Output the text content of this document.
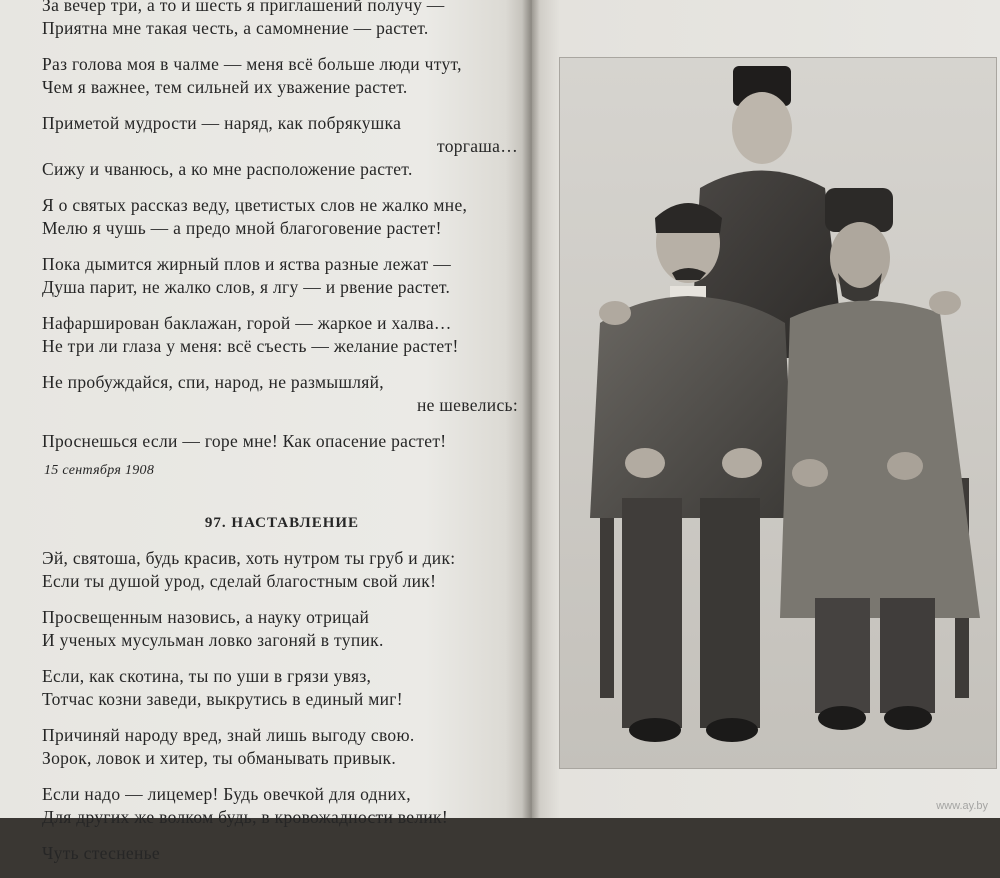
За вечер три, а то и шесть я приглашений получу —
Приятна мне такая честь, а самомнение — растет.
Раз голова моя в чалме — меня всё больше люди чтут,
Чем я важнее, тем сильней их уважение растет.
Приметой мудрости — наряд, как побрякушка
торгаша…
Сижу и чванюсь, а ко мне расположение растет.
Я о святых рассказ веду, цветистых слов не жалко мне,
Мелю я чушь — а предо мной благоговение растет!
Пока дымится жирный плов и яства разные лежат —
Душа парит, не жалко слов, я лгу — и рвение растет.
Нафарширован баклажан, горой — жаркое и халва…
Не три ли глаза у меня: всё съесть — желание растет!
Не пробуждайся, спи, народ, не размышляй,
не шевелись:
Проснешься если — горе мне! Как опасение растет!
15 сентября 1908
97. НАСТАВЛЕНИЕ
Эй, святоша, будь красив, хоть нутром ты груб и дик:
Если ты душой урод, сделай благостным свой лик!
Просвещенным назовись, а науку отрицай
И ученых мусульман ловко загоняй в тупик.
Если, как скотина, ты по уши в грязи увяз,
Тотчас козни заведи, выкрутись в единый миг!
Причиняй народу вред, знай лишь выгоду свою.
Зорок, ловок и хитер, ты обманывать привык.
Если надо — лицемер! Будь овечкой для одних,
Для других же волком будь, в кровожадности велик!
Чуть стесненье
www.ay.by
